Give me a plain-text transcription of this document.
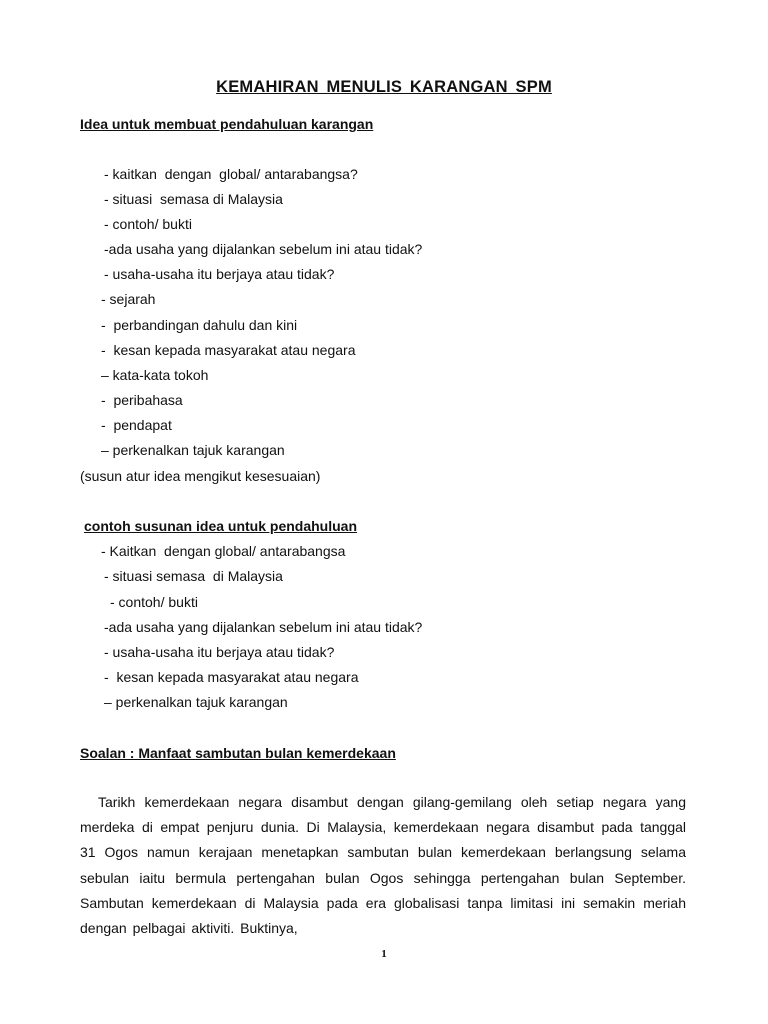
KEMAHIRAN MENULIS KARANGAN SPM
Idea untuk membuat pendahuluan karangan
- kaitkan  dengan  global/ antarabangsa?
- situasi  semasa di Malaysia
- contoh/ bukti
-ada usaha yang dijalankan sebelum ini atau tidak?
- usaha-usaha itu berjaya atau tidak?
- sejarah
-  perbandingan dahulu dan kini
-  kesan kepada masyarakat atau negara
– kata-kata tokoh
-  peribahasa
-  pendapat
– perkenalkan tajuk karangan
(susun atur idea mengikut kesesuaian)
contoh susunan idea untuk pendahuluan
- Kaitkan  dengan global/ antarabangsa
- situasi semasa  di Malaysia
- contoh/ bukti
-ada usaha yang dijalankan sebelum ini atau tidak?
- usaha-usaha itu berjaya atau tidak?
-  kesan kepada masyarakat atau negara
– perkenalkan tajuk karangan
Soalan : Manfaat sambutan bulan kemerdekaan
Tarikh kemerdekaan negara disambut dengan gilang-gemilang oleh setiap negara yang merdeka di empat penjuru dunia. Di Malaysia, kemerdekaan negara disambut pada tanggal 31 Ogos namun kerajaan menetapkan sambutan bulan kemerdekaan berlangsung selama sebulan iaitu bermula pertengahan bulan Ogos sehingga pertengahan bulan September. Sambutan kemerdekaan di Malaysia pada era globalisasi tanpa limitasi ini semakin meriah dengan pelbagai aktiviti. Buktinya,
1
